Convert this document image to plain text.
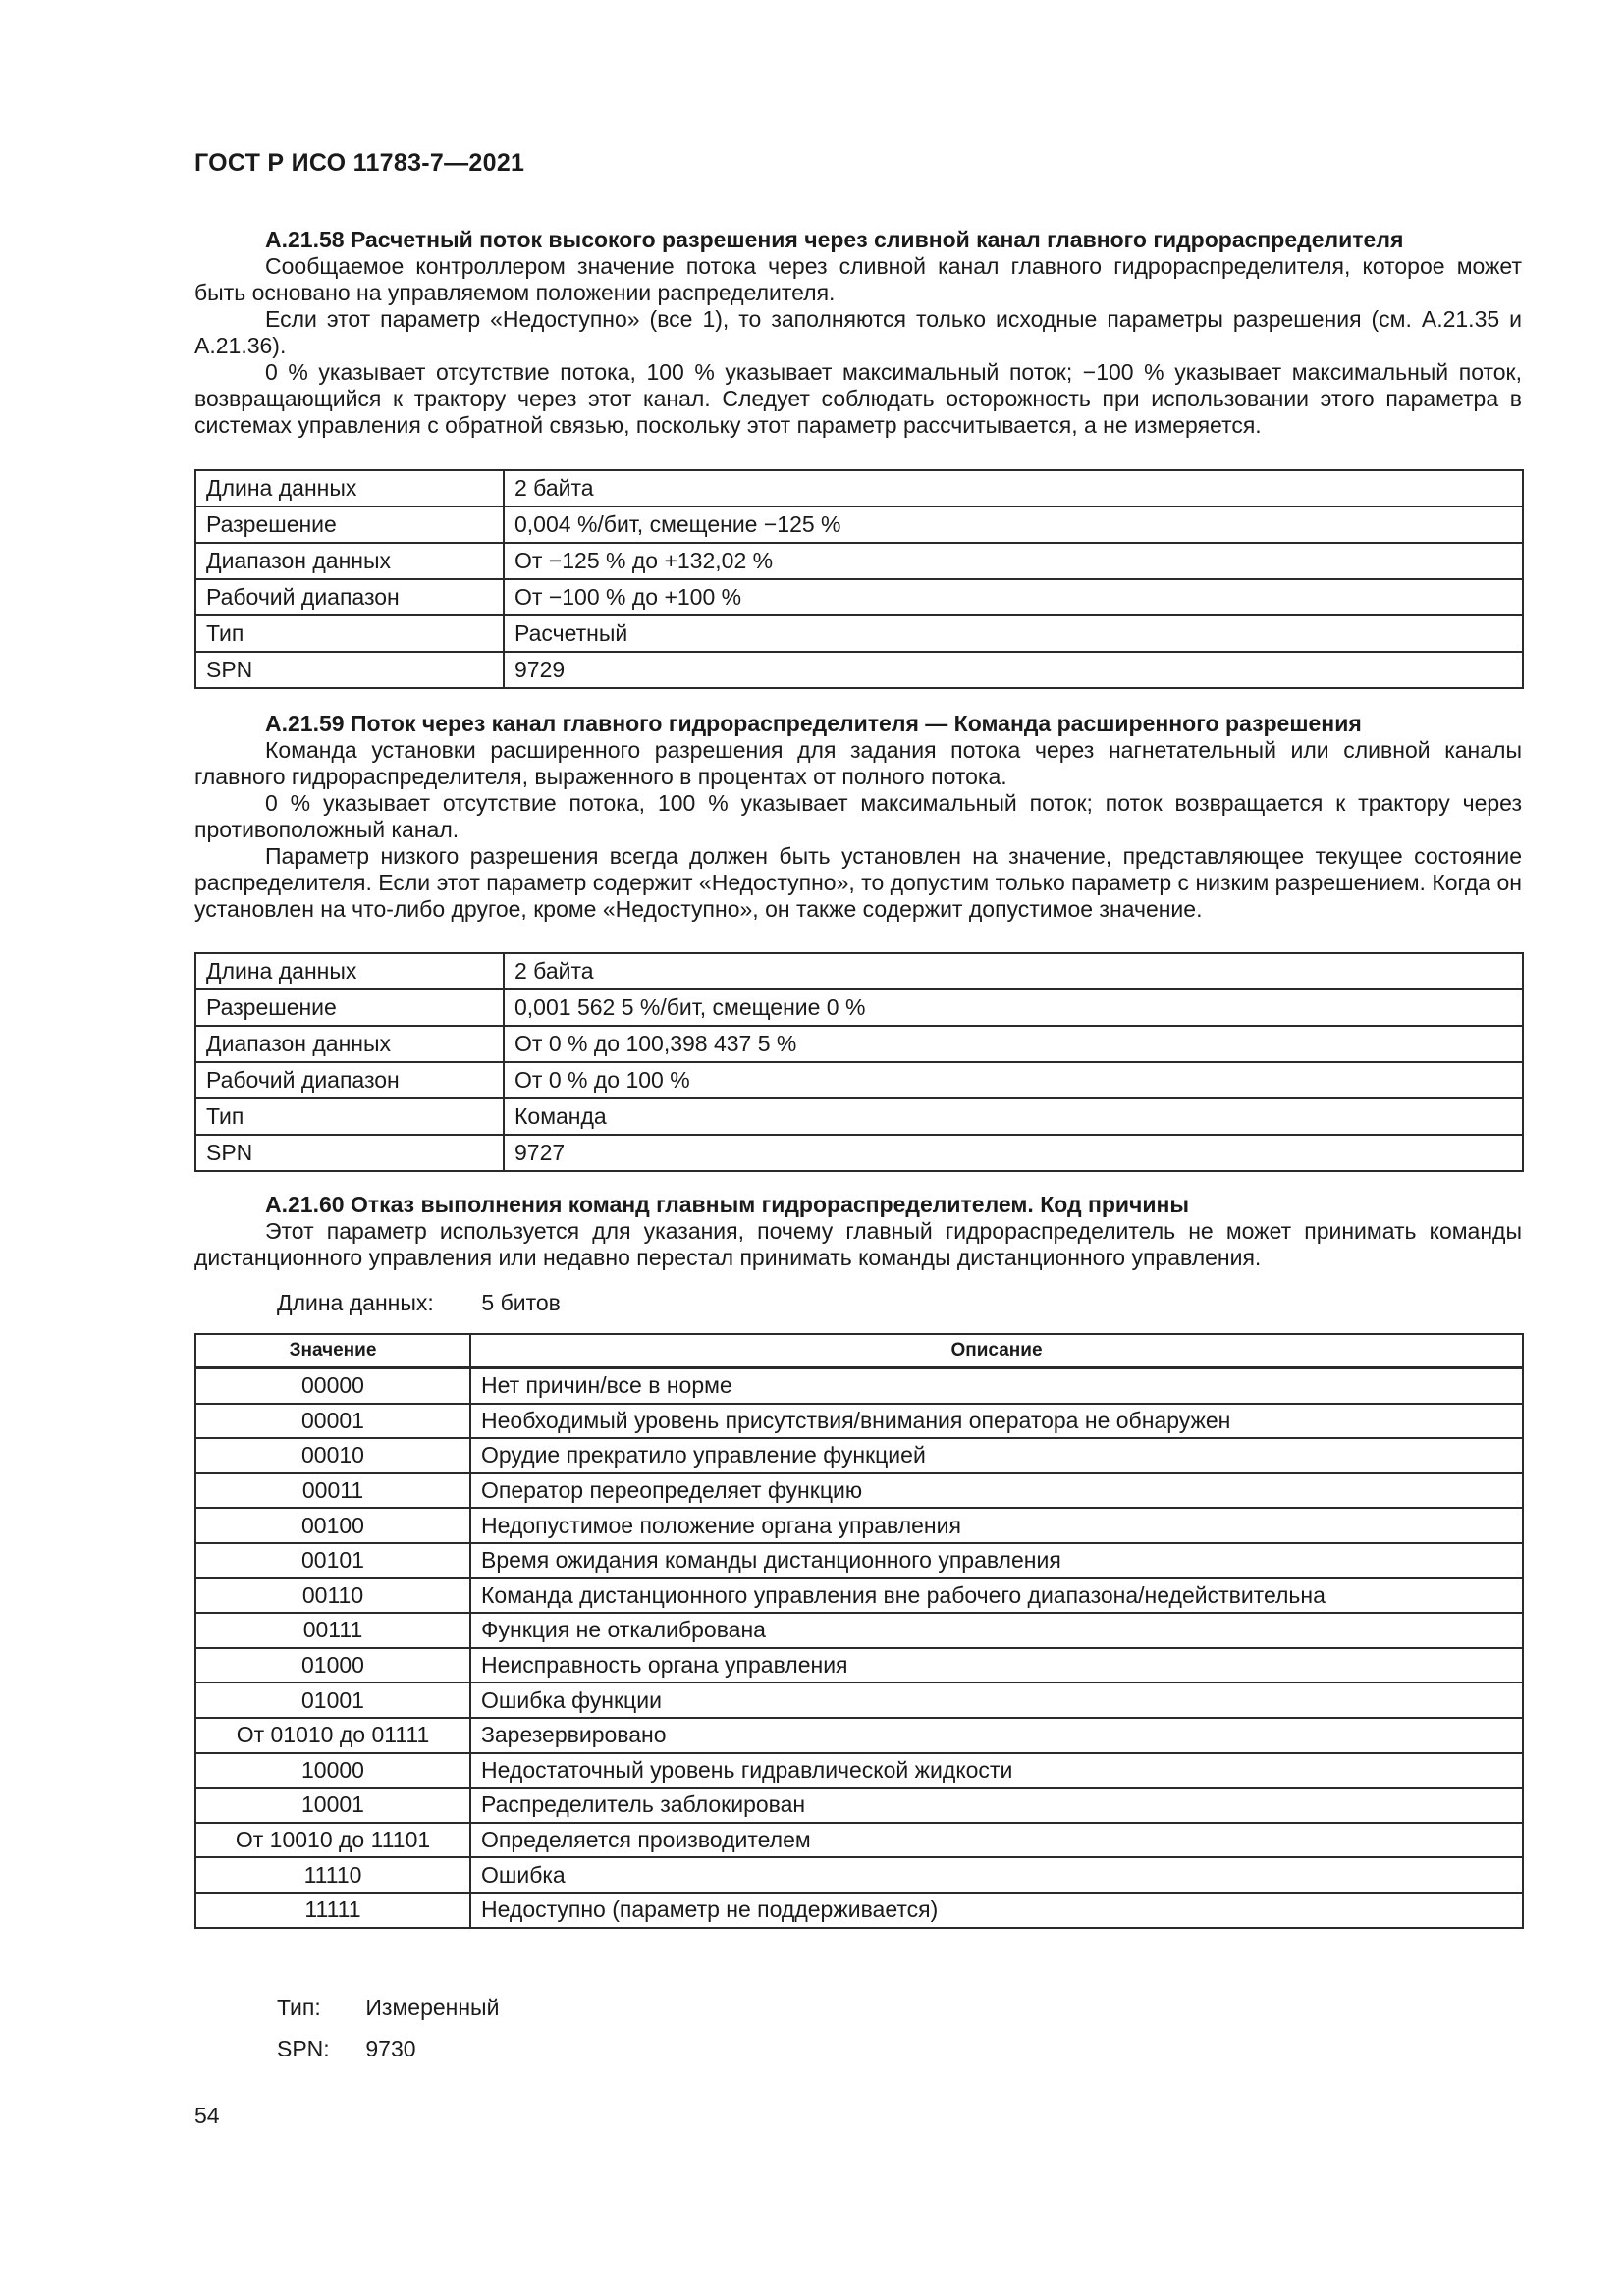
ГОСТ Р ИСО 11783-7—2021

А.21.58 Расчетный поток высокого разрешения через сливной канал главного гидрораспределителя

Сообщаемое контроллером значение потока через сливной канал главного гидрораспределителя, которое может быть основано на управляемом положении распределителя.

Если этот параметр «Недоступно» (все 1), то заполняются только исходные параметры разрешения (см. А.21.35 и А.21.36).

0 % указывает отсутствие потока, 100 % указывает максимальный поток; −100 % указывает максимальный поток, возвращающийся к трактору через этот канал. Следует соблюдать осторожность при использовании этого параметра в системах управления с обратной связью, поскольку этот параметр рассчитывается, а не измеряется.

Длина данных	2 байта
Разрешение	0,004 %/бит, смещение −125 %
Диапазон данных	От −125 % до +132,02 %
Рабочий диапазон	От −100 % до +100 %
Тип	Расчетный
SPN	9729

А.21.59 Поток через канал главного гидрораспределителя — Команда расширенного разрешения

Команда установки расширенного разрешения для задания потока через нагнетательный или сливной каналы главного гидрораспределителя, выраженного в процентах от полного потока.

0 % указывает отсутствие потока, 100 % указывает максимальный поток; поток возвращается к трактору через противоположный канал.

Параметр низкого разрешения всегда должен быть установлен на значение, представляющее текущее состояние распределителя. Если этот параметр содержит «Недоступно», то допустим только параметр с низким разрешением. Когда он установлен на что-либо другое, кроме «Недоступно», он также содержит допустимое значение.

Длина данных	2 байта
Разрешение	0,001 562 5 %/бит, смещение 0 %
Диапазон данных	От 0 % до 100,398 437 5 %
Рабочий диапазон	От 0 % до 100 %
Тип	Команда
SPN	9727

А.21.60 Отказ выполнения команд главным гидрораспределителем. Код причины

Этот параметр используется для указания, почему главный гидрораспределитель не может принимать команды дистанционного управления или недавно перестал принимать команды дистанционного управления.

Длина данных: 5 битов
Значение	Описание
00000	Нет причин/все в норме
00001	Необходимый уровень присутствия/внимания оператора не обнаружен
00010	Орудие прекратило управление функцией
00011	Оператор переопределяет функцию
00100	Недопустимое положение органа управления
00101	Время ожидания команды дистанционного управления
00110	Команда дистанционного управления вне рабочего диапазона/недействительна
00111	Функция не откалибрована
01000	Неисправность органа управления
01001	Ошибка функции
От 01010 до 01111	Зарезервировано
10000	Недостаточный уровень гидравлической жидкости
10001	Распределитель заблокирован
От 10010 до 11101	Определяется производителем
11110	Ошибка
11111	Недоступно (параметр не поддерживается)
Тип: Измеренный
SPN: 9730
54
